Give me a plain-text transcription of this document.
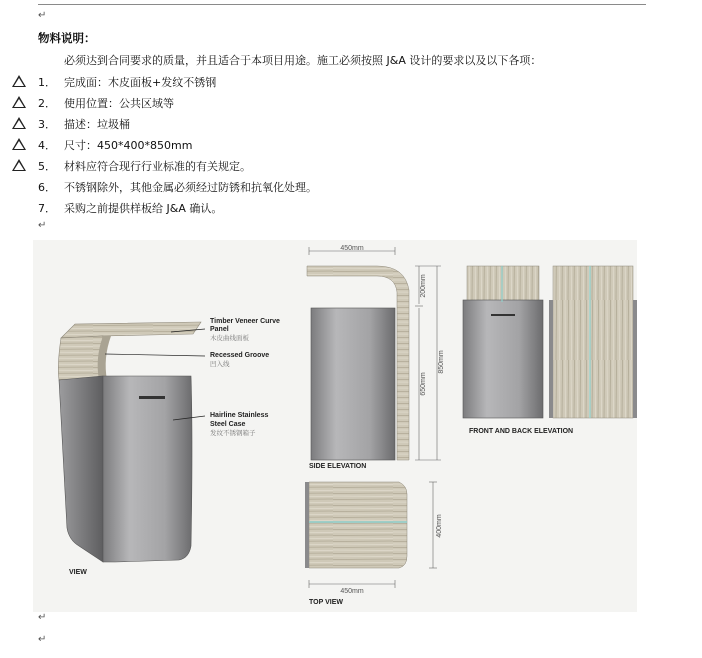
↵
物料说明：
必须达到合同要求的质量，并且适合于本项目用途。施工必须按照 J&A 设计的要求以及以下各项：
1． 完成面：木皮面板+发纹不锈钢
2． 使用位置：公共区域等
3． 描述：垃圾桶
4． 尺寸：450*400*850mm
5． 材料应符合现行行业标准的有关规定。
6． 不锈钢除外，其他金属必须经过防锈和抗氧化处理。
7． 采购之前提供样板给 J&A 确认。
↵
Timber Veneer Curve
Panel
木皮曲线面板
Recessed Groove
凹入线
Hairline Stainless
Steel Case
发纹不锈钢箱子
VIEW
450mm
200mm
650mm
850mm
SIDE ELEVATION
FRONT AND BACK ELEVATION
400mm
450mm
TOP VIEW
↵
↵
